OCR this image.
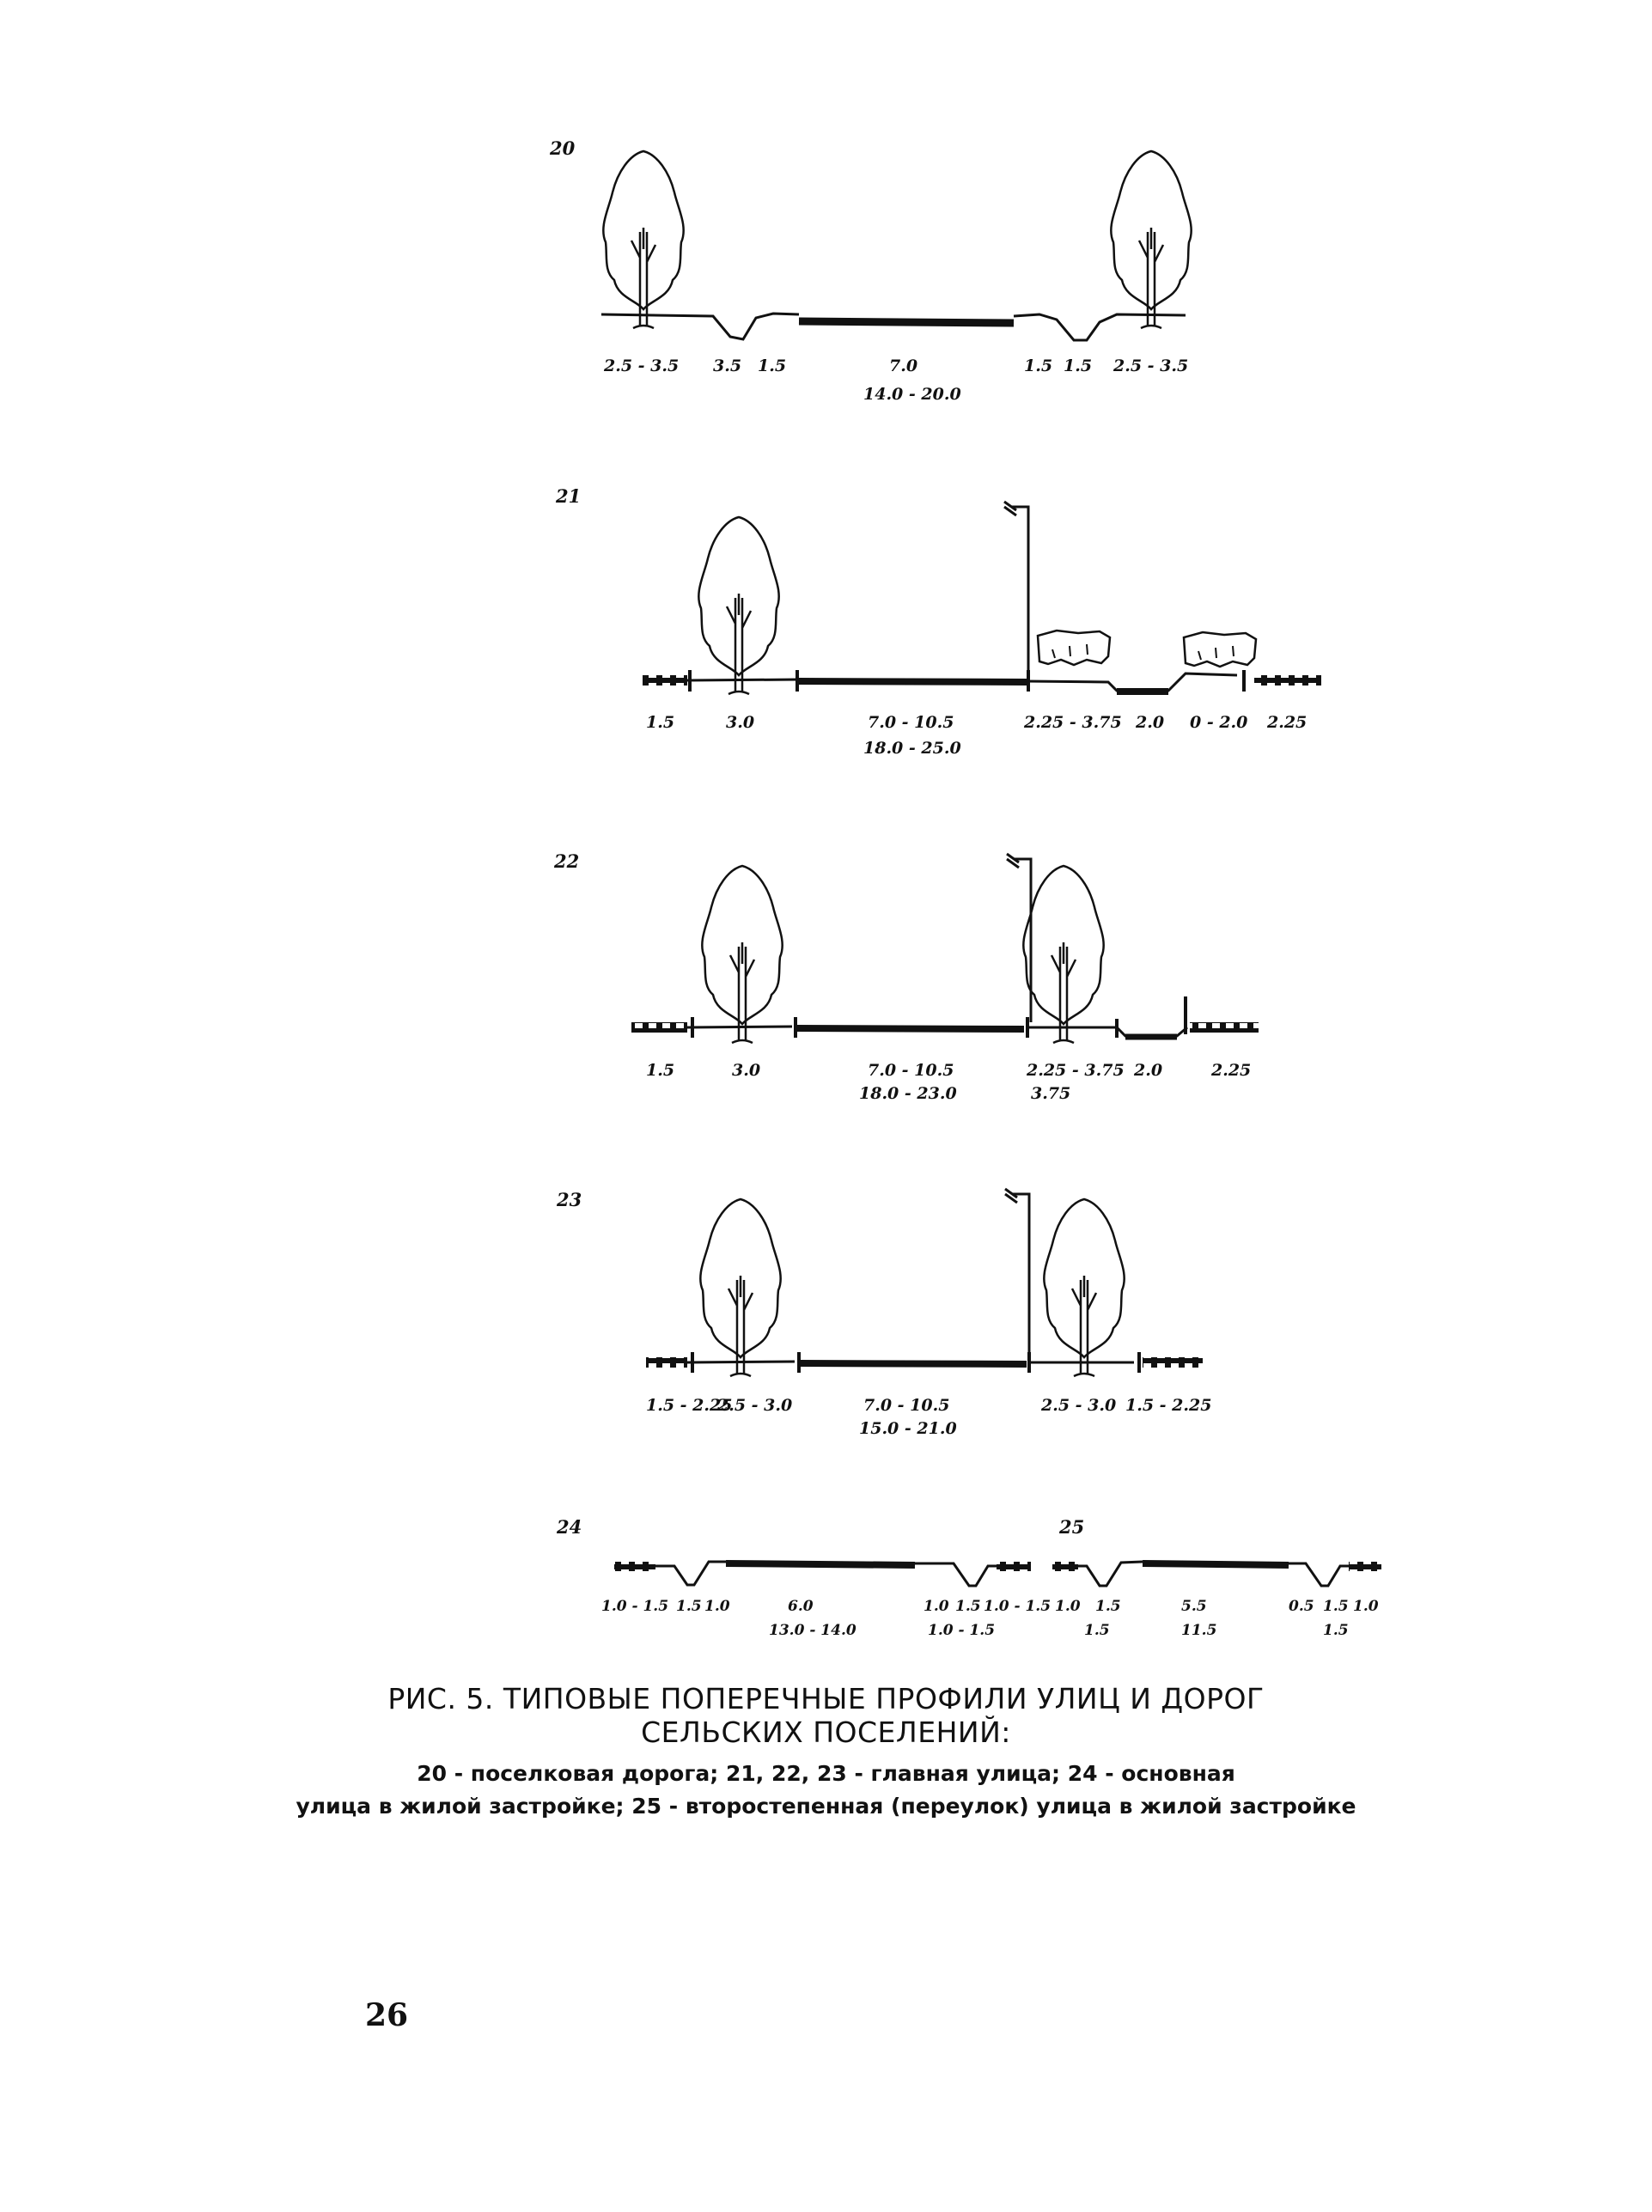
20
21
22
23
24	25
2.5 - 3.5 3.5 1.5	7.0	1.5 1.5 2.5 - 3.5
14.0 - 20.0
1.5	3.0	7.0 - 10.5	2.25 - 3.75 2.0 0 - 2.0 2.25
18.0 - 25.0
1.5	3.0	7.0 - 10.5	2.25 - 3.75 2.0	2.25
18.0 - 23.0	3.75
1.5 - 2.25
2.5 - 3.0	7.0 - 10.5	2.5 - 3.0 1.5 - 2.25
15.0 - 21.0
1.0 - 1.5 1.5 1.0	6.0	1.0 1.5 1.0 - 1.5
13.0 - 14.0	1.0 - 1.5
1.0 1.5	5.5	0.5 1.5 1.0
1.5	11.5	1.5
РИС. 5. ТИПОВЫЕ ПОПЕРЕЧНЫЕ ПРОФИЛИ УЛИЦ И ДОРОГ
СЕЛЬСКИХ ПОСЕЛЕНИЙ:
20 - поселковая дорога; 21, 22, 23 - главная улица; 24 - основная
улица в жилой застройке; 25 - второстепенная (переулок) улица в жилой застройке
26
